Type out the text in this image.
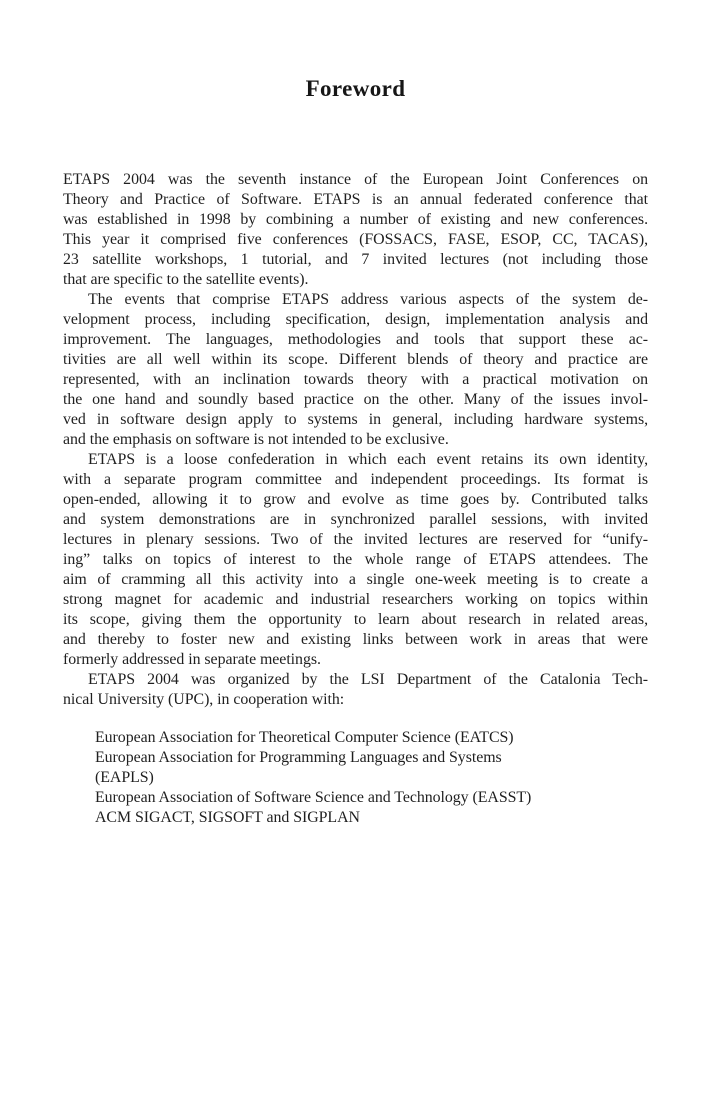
Foreword
ETAPS 2004 was the seventh instance of the European Joint Conferences on
Theory and Practice of Software. ETAPS is an annual federated conference that
was established in 1998 by combining a number of existing and new conferences.
This year it comprised five conferences (FOSSACS, FASE, ESOP, CC, TACAS),
23 satellite workshops, 1 tutorial, and 7 invited lectures (not including those
that are specific to the satellite events).
The events that comprise ETAPS address various aspects of the system de-
velopment process, including specification, design, implementation analysis and
improvement. The languages, methodologies and tools that support these ac-
tivities are all well within its scope. Different blends of theory and practice are
represented, with an inclination towards theory with a practical motivation on
the one hand and soundly based practice on the other. Many of the issues invol-
ved in software design apply to systems in general, including hardware systems,
and the emphasis on software is not intended to be exclusive.
ETAPS is a loose confederation in which each event retains its own identity,
with a separate program committee and independent proceedings. Its format is
open-ended, allowing it to grow and evolve as time goes by. Contributed talks
and system demonstrations are in synchronized parallel sessions, with invited
lectures in plenary sessions. Two of the invited lectures are reserved for “unify-
ing” talks on topics of interest to the whole range of ETAPS attendees. The
aim of cramming all this activity into a single one-week meeting is to create a
strong magnet for academic and industrial researchers working on topics within
its scope, giving them the opportunity to learn about research in related areas,
and thereby to foster new and existing links between work in areas that were
formerly addressed in separate meetings.
ETAPS 2004 was organized by the LSI Department of the Catalonia Tech-
nical University (UPC), in cooperation with:
European Association for Theoretical Computer Science (EATCS)
European Association for Programming Languages and Systems
(EAPLS)
European Association of Software Science and Technology (EASST)
ACM SIGACT, SIGSOFT and SIGPLAN
